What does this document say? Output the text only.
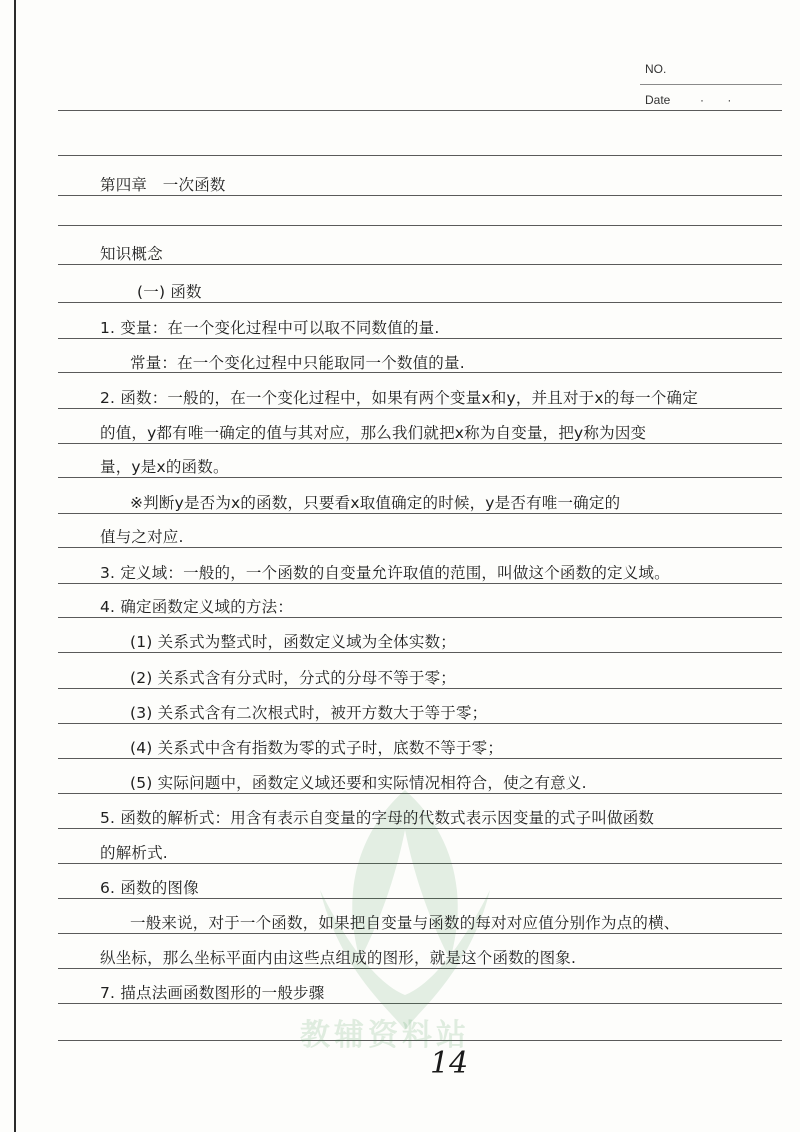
NO.
Date ·       ·
教辅资料站
第四章　一次函数
知识概念
(一) 函数
1. 变量：在一个变化过程中可以取不同数值的量.
常量：在一个变化过程中只能取同一个数值的量.
2. 函数：一般的，在一个变化过程中，如果有两个变量x和y，并且对于x的每一个确定
的值，y都有唯一确定的值与其对应，那么我们就把x称为自变量，把y称为因变
量，y是x的函数。
※判断y是否为x的函数，只要看x取值确定的时候，y是否有唯一确定的
值与之对应.
3. 定义域：一般的，一个函数的自变量允许取值的范围，叫做这个函数的定义域。
4. 确定函数定义域的方法：
(1) 关系式为整式时，函数定义域为全体实数；
(2) 关系式含有分式时，分式的分母不等于零；
(3) 关系式含有二次根式时，被开方数大于等于零；
(4) 关系式中含有指数为零的式子时，底数不等于零；
(5) 实际问题中，函数定义域还要和实际情况相符合，使之有意义.
5. 函数的解析式：用含有表示自变量的字母的代数式表示因变量的式子叫做函数
的解析式.
6. 函数的图像
一般来说，对于一个函数，如果把自变量与函数的每对对应值分别作为点的横、
纵坐标，那么坐标平面内由这些点组成的图形，就是这个函数的图象.
7. 描点法画函数图形的一般步骤
14
